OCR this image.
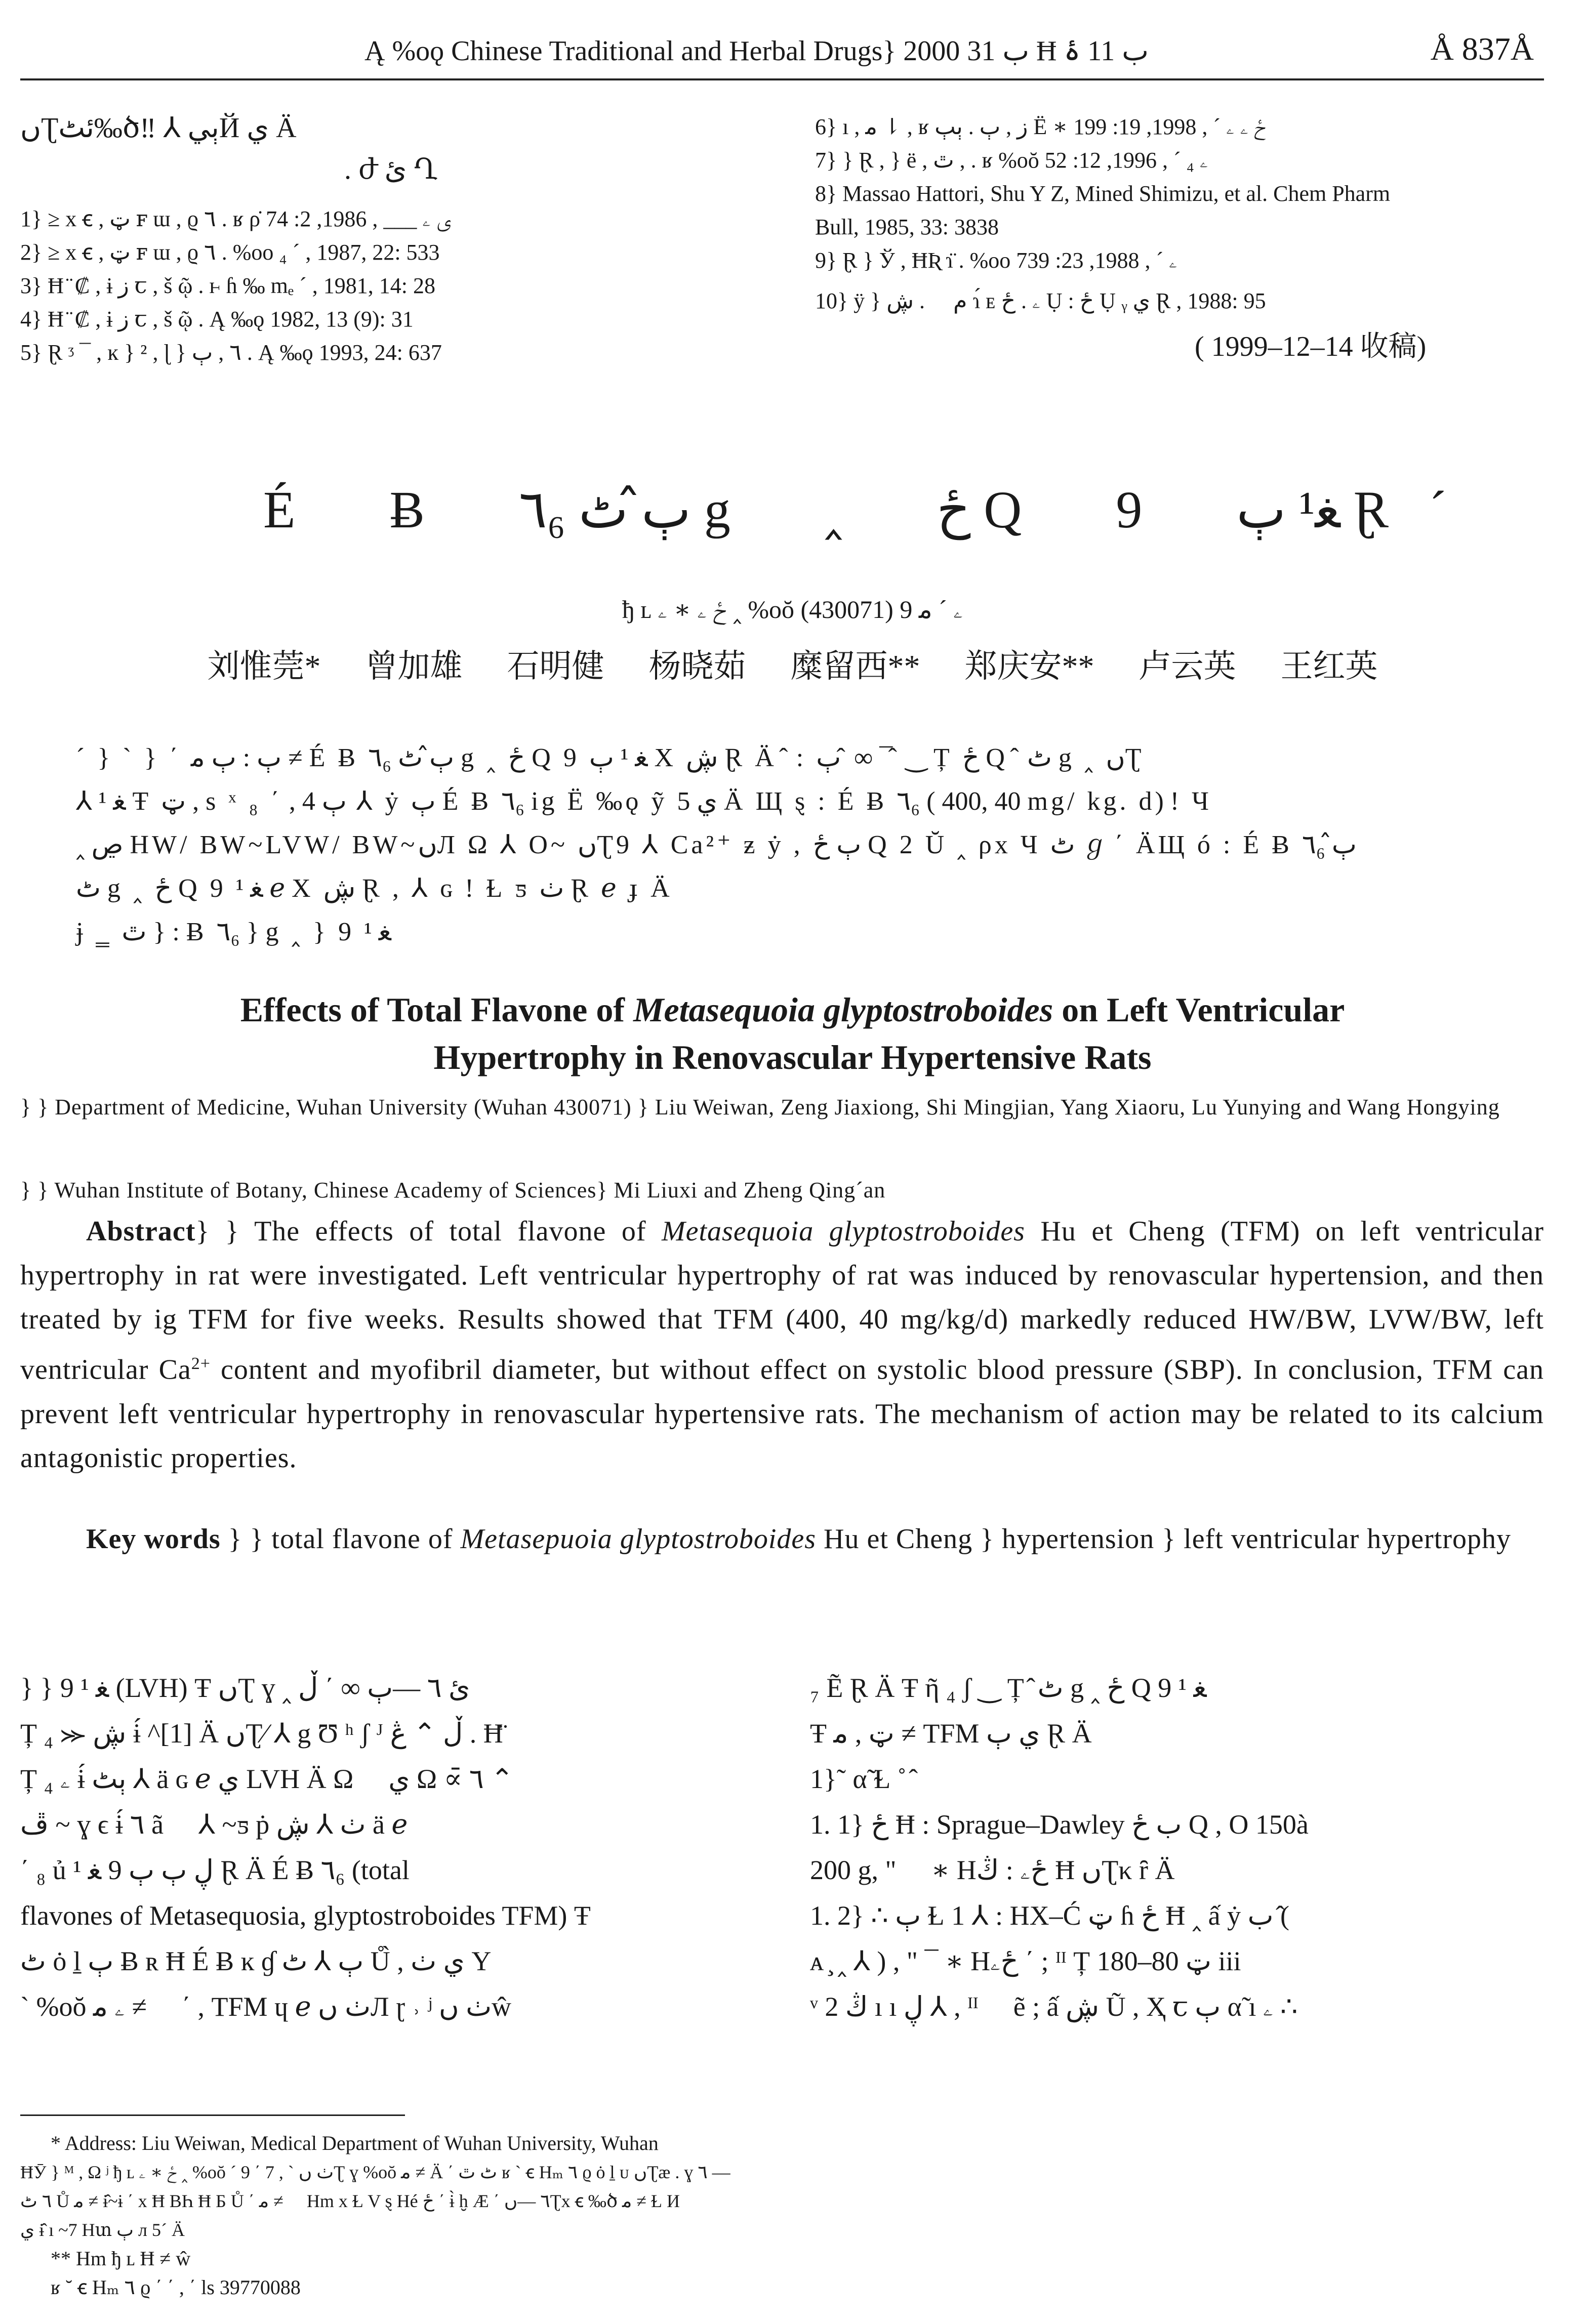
Ą %oǫ Chinese Traditional and Herbal Drugs} 2000 ب 31 Ħ ب 11 ۀ	Å 837Å
ںƮئٹ‰ծ‼ ⅄ ٻيЙ ي Ä
. ժ ئ Ղ
1} ≥ x ꞓ , ټ ꜰ ɯ , ϱ ٦ . ʁ ρ̇ ى ۦ ___ , 1986, 2: 74
2} ≥ x ꞓ , ټ ꜰ ɯ , ϱ ٦ . %oo ₄ ´ , 1987, 22: 533
3} Ħ ̈ ₡ , ɨ ز ꞇ , š ῷ . ⱶ ɦ ‰ mₑ ´ , 1981, 14: 28
4} Ħ ̈ ₡ , ɨ ز ꞇ , š ῷ . Ą ‰ǫ 1982, 13 (9): 31
5} Ɽ ᶾ ¯ , ĸ } ² , ɭ } ٦ , ٻ . Ą ‰ǫ 1993, 24: 637
6} ı , ﻣ ⇂ , ʁ ز , ٻ . ٻٻ Ë ∗ ځ ۦ ۦ ´ , 1998, 19: 199
7} } Ɽ , } ë , ٿ , . ʁ %oŏ ۦ ₄ ´ , 1996, 12: 52
8} Massao Hattori, Shu Y Z, Mined Shimizu, et al. Chem Pharm
Bull, 1985, 33: 3838
9} Ɽ } Ў , ĦƦ ɿ̈ . %oo ۦ ´ , 1988, 23: 739
10} ÿ } ﻡ ⃞ . ڜ ɿ́ ᴇ ۦ . ځ Ụ : ځ Ụ ᵧ ي Ɽ , 1988: 95
( 1999–12–14 收稿)
É Ƀ ٦₆ ٻ̂ ٹ g ‸ ځ Q 9 ﻐ¹ ٻ Ɽ´
ђ ʟ ځ ۦ ∗ ۦ ‸ %oŏ ۦ ´ ﻣ 9 (430071)
刘惟莞* 曾加雄 石明健 杨晓茹 糜留西** 郑庆安** 卢云英 王红英
ˊ } ` } ΄ ٻ : ٻ ﻣ ≠ É Ƀ ٦₆ ٻ̂ ٹ g ‸ ځ Q 9 ﻐ ¹ ٻ X ڜ Ɽ Ä ̂ : ٻ ̂ ∞ ¯ ̂ ‿ Ț ځ Q ̂ ٹ g ‸ ںƮ
⅄ ﻐ ¹ Ŧ ټ , s ˣ ٻ 4 , ΄ ₈ ⅄ ẏ ٻ É Ƀ ٦₆ ig Ë ‰ǫ ỹ ي 5 Ä Щ ȿ : É Ƀ ٦₆ ( 400, 40 mg/ kg. d) ǃ Ч
‸ ڝ HW/ BW~LVW/ BW~ںЛ Ω ⅄ O~ ںƮ9 ⅄ Ca²⁺ ƶ ẏ , ٻ ځ Q 2 Ŭ ‸ ρx Ч ٹ ℊ ΄ ÄЩ ó : É Ƀ ٦₆ ٻ̂
ٹ g ‸ ځ Q 9 ﻐ ¹ ℯ X ڜ Ɽ , ⅄ ɢ ǃ Ɫ ƽ ٺ Ɽ ℯ ɟ Ä
ɉ ‗ ٿ } : Ƀ ٦₆ } g ‸ } 9 ﻐ ¹
Effects of Total Flavone of Metasequoia glyptostroboides on Left Ventricular
Hypertrophy in Renovascular Hypertensive Rats
} } Department of Medicine, Wuhan University (Wuhan 430071) } Liu Weiwan, Zeng Jiaxiong, Shi Mingjian, Yang Xiaoru, Lu Yunying and Wang Hongying
} } Wuhan Institute of Botany, Chinese Academy of Sciences} Mi Liuxi and Zheng Qing´an
Abstract} } The effects of total flavone of Metasequoia glyptostroboides Hu et Cheng (TFM) on left ventricular hypertrophy in rat were investigated. Left ventricular hypertrophy of rat was induced by renovascular hypertension, and then treated by ig TFM for five weeks. Results showed that TFM (400, 40 mg/kg/d) markedly reduced HW/BW, LVW/BW, left ventricular $Ca^{2+}$ content and myofibril diameter, but without effect on systolic blood pressure (SBP). In conclusion, TFM can prevent left ventricular hypertrophy in renovascular hypertensive rats. The mechanism of action may be related to its calcium antagonistic properties.
Key words } } total flavone of Metasepuoia glyptostroboides Hu et Cheng } hypertension } left ventricular hypertrophy
} } 9 ﻐ ¹ (LVH) Ŧ ںƮ ɣ ‸ ئ ٦ —ٻ ∞ ΄ ڵ
Ț ڜ ⪻ ₄ ɨ́ ^[1] Ä ںƮ⁄ ⅄ g Ʊ ʰ ʃ ᴶ ڵ ⌃ ڠ . Ħ̈
Ț ۦ ₄ ɨ́ ٻٹ ⅄ ä ɢ ℯ ي LVH Ä Ω ⃞ ي Ω ∝̄ ٦ ⌃
ڦ ~ ɣ ϵ ɨ́ ٦ ã ⃞ ⅄ ~ƽ ṗ ٺ ⅄ ڜ ä ℯ
΄ ₈ ủ ڸ ٻ ٻ 9 ﻐ ¹ Ɽ Ä É Ƀ ٦₆ (total
flavones of Metasequosia, glyptostroboides TFM) Ŧ
ٹ ȯ ḻ ٻ Ƀ ʀ Ħ É Ƀ ĸ ɠ ٻ ⅄ ٹ Ů̀ , ي ٺ Y
` %oŏ ۦ ﻣ ≠ ⃞ ΄ , TFM ɥ ℯ ٺ ںЛ ɽ ˒ ʲ ٺ ںŵ
₇ Ẽ Ɽ Ä Ŧ ῆ ₄ ʃ ‿ Ț ̂ ٹ g ‸ ځ Q 9 ﻐ ¹
Ŧ ټ , ﻣ ≠ TFM ي ٻ Ɽ Ä
1}˜ α̃ Ɫ ˚ ̂
1. 1} ځ Ħ : Sprague–Dawley ب ځ Q , O 150à
200 g, " ⃞ ∗ Hځۦ : ڭ Ħ ںƮκ ȓ Ä
1. 2} ∴ ٻ Ɫ 1 ⅄ : HX–Ć ټ ɦ ځ Ħ ‸ ấ ẏ ب (̂
ᴀ ̧ ‸ ⅄ ) , " ¯ ∗ Hځۦ ΄ ; ᴵᴵ Ț 180–80 ټ iii
ᵛ 2 ڭ ı ı ڸ ⅄ , ᴵᴵ ⃞ ẽ ; ấ ڜ Ũ , Ҳ ꞇ ٻ α̃ ı ۦ ∴
* Address: Liu Weiwan, Medical Department of Wuhan University, Wuhan
ĦӮ } ᴹ , Ω ʲ ђ ʟ ځ ∗ ۦ ‸ %oŏ ´ 9 ΄ 7 , ` ٺ ںƮ ɣ %oŏ ﻣ ≠ Ä ΄ ٹ ٿ ʁ ` ꞓ Hₘ ٦ ϱ ȯ ḻ ᴜ ںƮæ . ɣ ٦ —
٦ ٹ Ů ﻣ ≠ ɨ̂~ɨ ΄ x Ħ ВҺ Ħ Ƃ Ů ΄ ﻣ ≠ ⃞ Hm x Ɫ V ȿ Hé ځ ΄ ɨ̀ ḫ Æ ΄ ٦ —ںƮx ꞓ ‰ծ ﻣ ≠ Ɫ И
ي ɨ̂ ı ~7 Hտ ٻ л 5´ Ä
** Hm ђ ʟ Ħ ≠ ŵ
ʁ ˘ ꞓ Hₘ ٦ ϱ ΄ ΄ , ΄ ls 39770088
